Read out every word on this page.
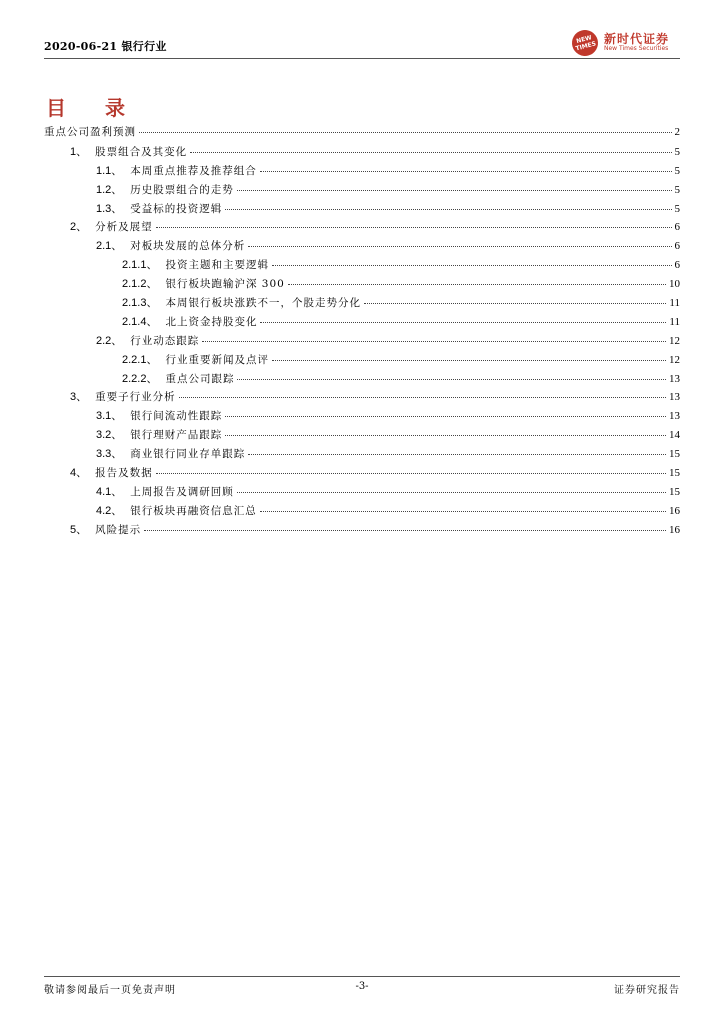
2020-06-21 银行行业
NEW TIMES
新时代证券
New Times Securities
目 录
重点公司盈利预测	2
1、 股票组合及其变化	5
1.1、 本周重点推荐及推荐组合	5
1.2、 历史股票组合的走势	5
1.3、 受益标的投资逻辑	5
2、 分析及展望	6
2.1、 对板块发展的总体分析	6
2.1.1、 投资主题和主要逻辑	6
2.1.2、 银行板块跑输沪深 300	10
2.1.3、 本周银行板块涨跌不一，个股走势分化	11
2.1.4、 北上资金持股变化	11
2.2、 行业动态跟踪	12
2.2.1、 行业重要新闻及点评	12
2.2.2、 重点公司跟踪	13
3、 重要子行业分析	13
3.1、 银行间流动性跟踪	13
3.2、 银行理财产品跟踪	14
3.3、 商业银行同业存单跟踪	15
4、 报告及数据	15
4.1、 上周报告及调研回顾	15
4.2、 银行板块再融资信息汇总	16
5、 风险提示	16
敬请参阅最后一页免责声明	-3-	证券研究报告
